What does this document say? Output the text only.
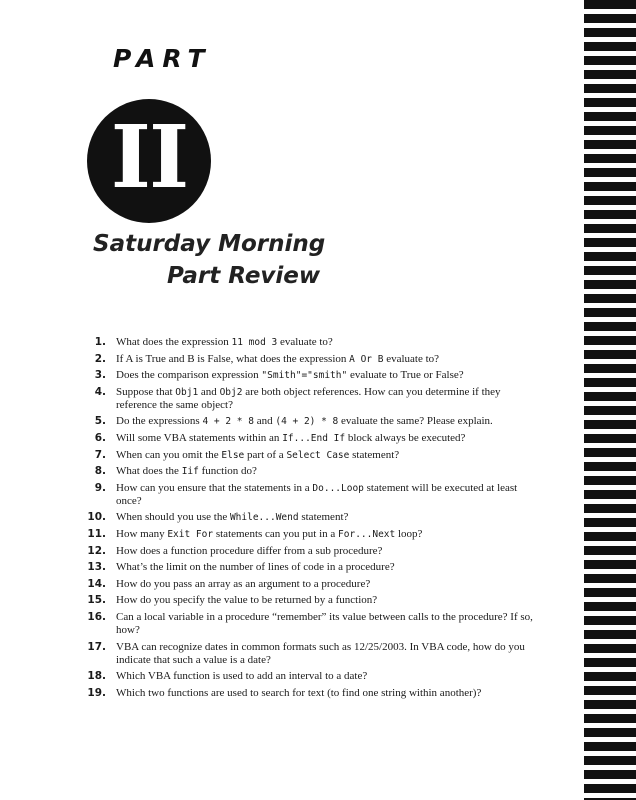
PART
II
Saturday Morning
Part Review
1. What does the expression 11 mod 3 evaluate to?
2. If A is True and B is False, what does the expression A Or B evaluate to?
3. Does the comparison expression "Smith"="smith" evaluate to True or False?
4. Suppose that Obj1 and Obj2 are both object references. How can you determine if they reference the same object?
5. Do the expressions 4 + 2 * 8 and (4 + 2) * 8 evaluate the same? Please explain.
6. Will some VBA statements within an If...End If block always be executed?
7. When can you omit the Else part of a Select Case statement?
8. What does the Iif function do?
9. How can you ensure that the statements in a Do...Loop statement will be executed at least once?
10. When should you use the While...Wend statement?
11. How many Exit For statements can you put in a For...Next loop?
12. How does a function procedure differ from a sub procedure?
13. What’s the limit on the number of lines of code in a procedure?
14. How do you pass an array as an argument to a procedure?
15. How do you specify the value to be returned by a function?
16. Can a local variable in a procedure “remember” its value between calls to the procedure? If so, how?
17. VBA can recognize dates in common formats such as 12/25/2003. In VBA code, how do you indicate that such a value is a date?
18. Which VBA function is used to add an interval to a date?
19. Which two functions are used to search for text (to find one string within another)?
